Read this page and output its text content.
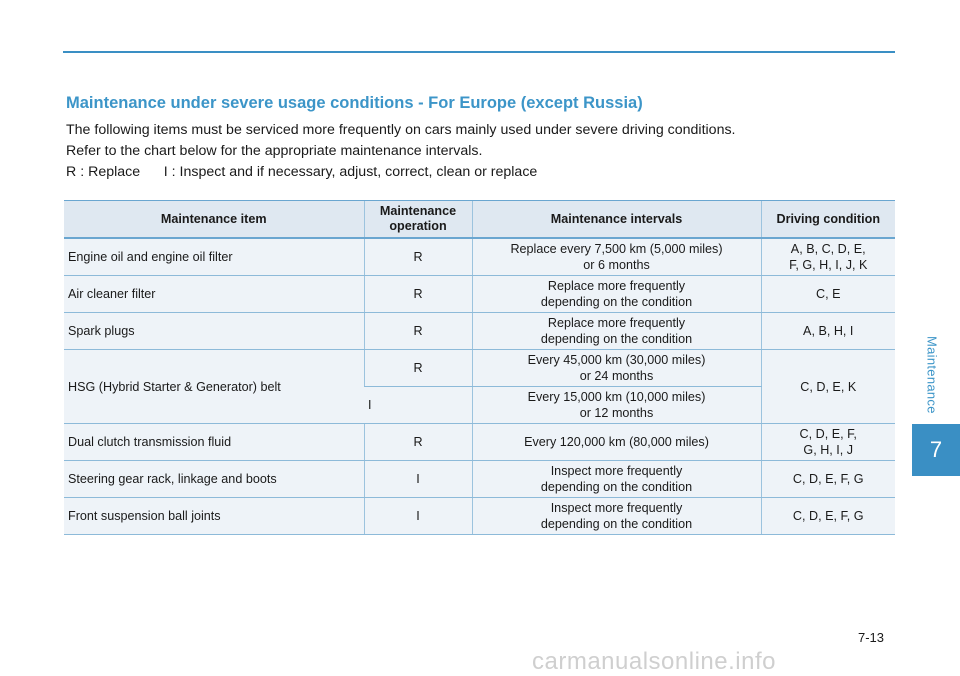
Maintenance under severe usage conditions - For Europe (except Russia)

The following items must be serviced more frequently on cars mainly used under severe driving conditions.

Refer to the chart below for the appropriate maintenance intervals.

R : Replace
I : Inspect and if necessary, adjust, correct, clean or replace

Maintenance item	Maintenance operation	Maintenance intervals	Driving condition
Engine oil and engine oil filter	R	Replace every 7,500 km (5,000 miles)
or 6 months	A, B, C, D, E,
F, G, H, I, J, K

Air cleaner filter	R	Replace more frequently
depending on the condition	C, E
Spark plugs	R	Replace more frequently
depending on the condition	A, B, H, I
HSG (Hybrid Starter & Generator) belt	R	Every 45,000 km (30,000 miles)
or 24 months	C, D, E, K
	I	Every 15,000 km (10,000 miles)
or 12 months	

Dual clutch transmission fluid	R	Every 120,000 km (80,000 miles)	C, D, E, F,
G, H, I, J

Steering gear rack, linkage and boots	I	Inspect more frequently
depending on the condition	C, D, E, F, G
Front suspension ball joints	I	Inspect more frequently
depending on the condition	C, D, E, F, G
Maintenance
7
7-13
carmanualsonline.info
